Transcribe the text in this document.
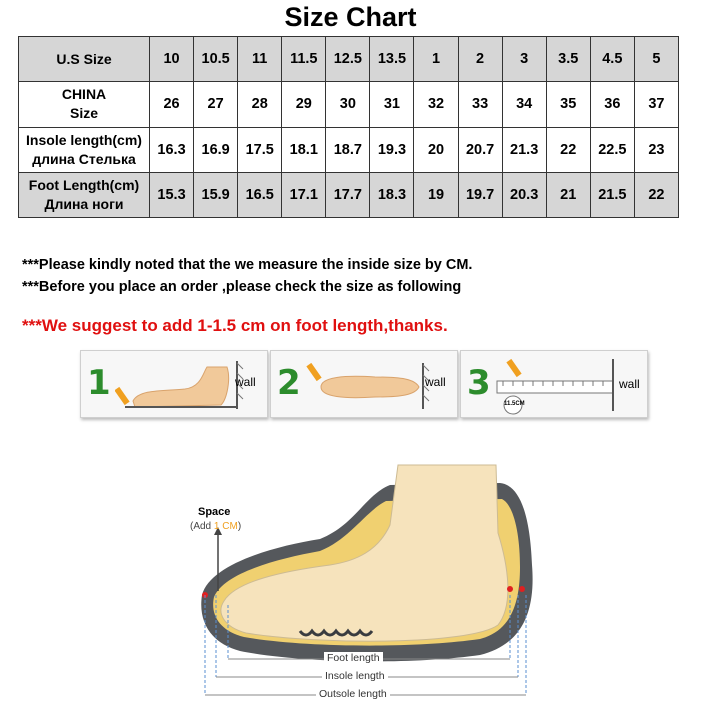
Size Chart
U.S Size	10	10.5	11	11.5	12.5	13.5	1	2	3	3.5	4.5	5

CHINA
Size	26	27	28	29	30	31	32	33	34	35	36	37

Insole length(cm)
длина Стелька	16.3	16.9	17.5	18.1	18.7	19.3	20	20.7	21.3	22	22.5	23

Foot Length(cm)
Длина ноги	15.3	15.9	16.5	17.1	17.7	18.3	19	19.7	20.3	21	21.5	22
***Please kindly noted that the we measure the inside size by CM.
***Before you place an order ,please check the size as following
***We suggest to add 1-1.5 cm on foot length,thanks.
1	wall 2	wall 3
11.5CM
wall
Space
(Add 1 CM)
Foot length
Insole length
Outsole length
